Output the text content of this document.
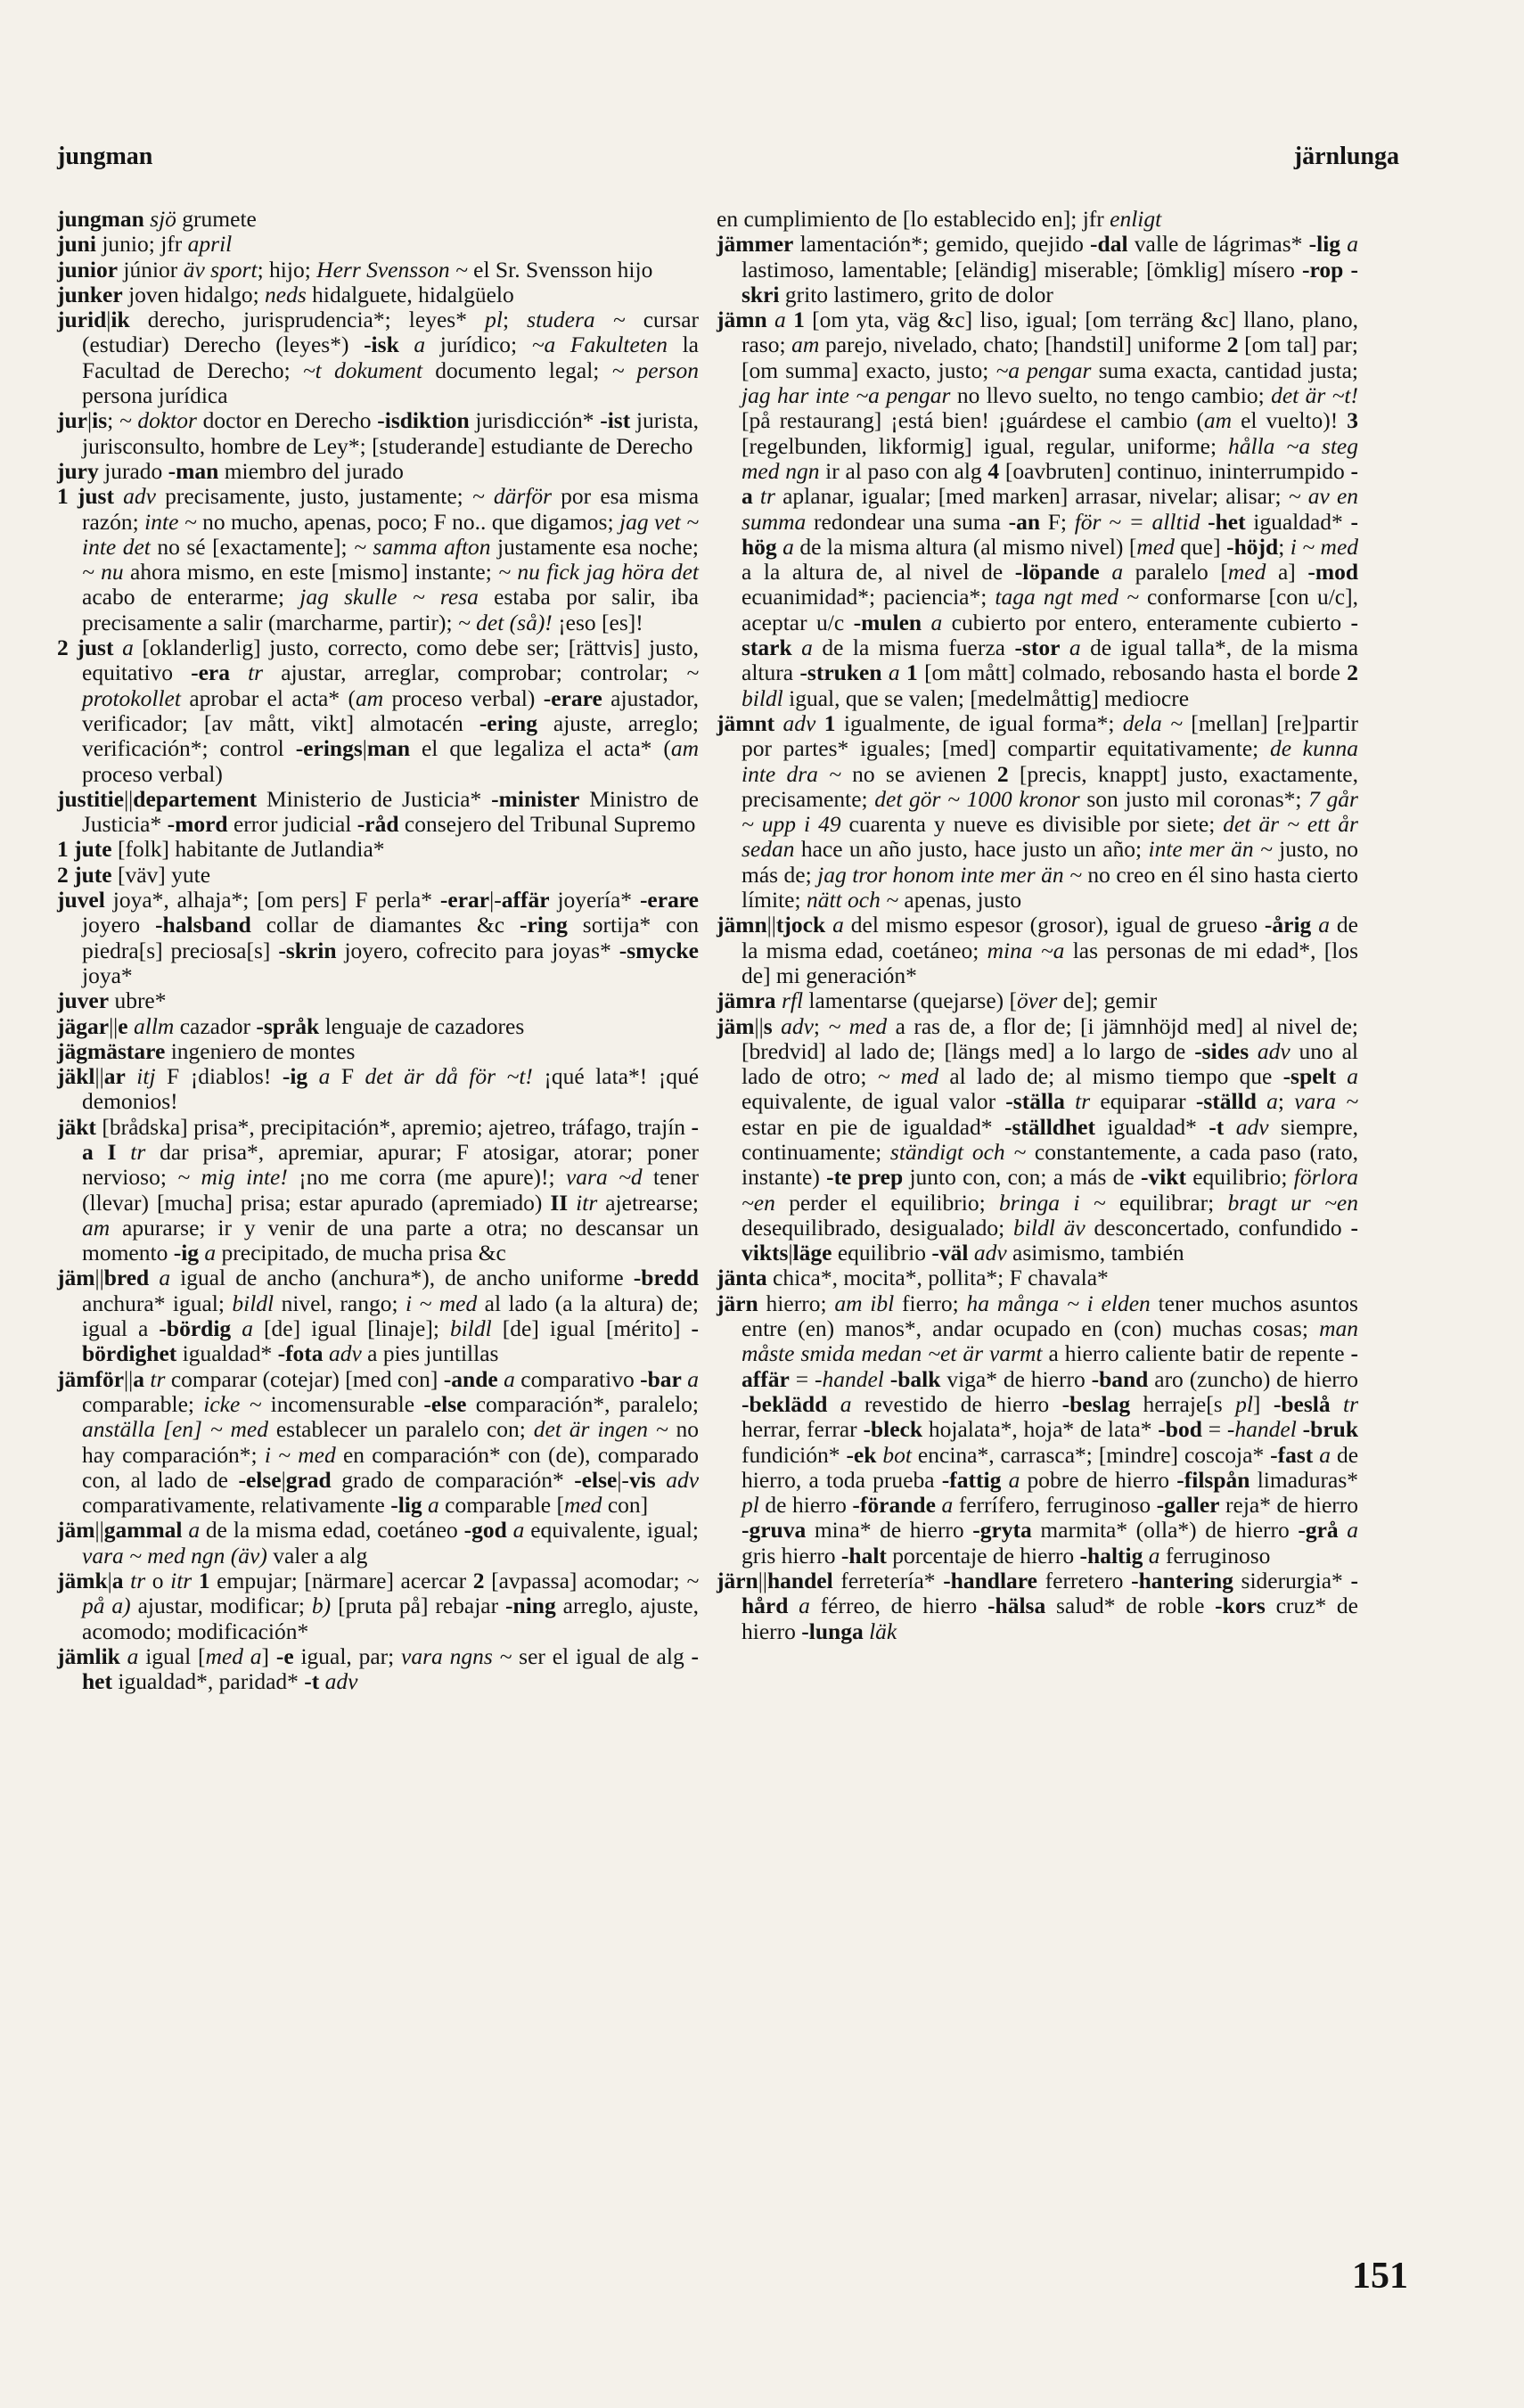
jungman	järnlunga

jungman sjö grumete

juni junio; jfr april

junior júnior äv sport; hijo; Herr Svensson ~ el Sr. Svensson hijo

junker joven hidalgo; neds hidalguete, hidalgüelo

jurid|ik derecho, jurisprudencia*; leyes* pl; studera ~ cursar (estudiar) Derecho (leyes*) -isk a jurídico; ~a Fakulteten la Facultad de Derecho; ~t dokument documento legal; ~ person persona jurídica

jur|is; ~ doktor doctor en Derecho -isdiktion jurisdicción* -ist jurista, jurisconsulto, hombre de Ley*; [studerande] estudiante de Derecho

jury jurado -man miembro del jurado

1 just adv precisamente, justo, justamente; ~ därför por esa misma razón; inte ~ no mucho, apenas, poco; F no.. que digamos; jag vet ~ inte det no sé [exactamente]; ~ samma afton justamente esa noche; ~ nu ahora mismo, en este [mismo] instante; ~ nu fick jag höra det acabo de enterarme; jag skulle ~ resa estaba por salir, iba precisamente a salir (marcharme, partir); ~ det (så)! ¡eso [es]!

2 just a [oklanderlig] justo, correcto, como debe ser; [rättvis] justo, equitativo -era tr ajustar, arreglar, comprobar; controlar; ~ protokollet aprobar el acta* (am proceso verbal) -erare ajustador, verificador; [av mått, vikt] almotacén -ering ajuste, arreglo; verificación*; control -erings|man el que legaliza el acta* (am proceso verbal)

justitie||departement Ministerio de Justicia* -minister Ministro de Justicia* -mord error judicial -råd consejero del Tribunal Supremo

1 jute [folk] habitante de Jutlandia*

2 jute [väv] yute

juvel joya*, alhaja*; [om pers] F perla* -erar|-affär joyería* -erare joyero -halsband collar de diamantes &c -ring sortija* con piedra[s] preciosa[s] -skrin joyero, cofrecito para joyas* -smycke joya*

juver ubre*

jägar||e allm cazador -språk lenguaje de cazadores

jägmästare ingeniero de montes

jäkl||ar itj F ¡diablos! -ig a F det är då för ~t! ¡qué lata*! ¡qué demonios!

jäkt [brådska] prisa*, precipitación*, apremio; ajetreo, tráfago, trajín -a I tr dar prisa*, apremiar, apurar; F atosigar, atorar; poner nervioso; ~ mig inte! ¡no me corra (me apure)!; vara ~d tener (llevar) [mucha] prisa; estar apurado (apremiado) II itr ajetrearse; am apurarse; ir y venir de una parte a otra; no descansar un momento -ig a precipitado, de mucha prisa &c

jäm||bred a igual de ancho (anchura*), de ancho uniforme -bredd anchura* igual; bildl nivel, rango; i ~ med al lado (a la altura) de; igual a -bördig a [de] igual [linaje]; bildl [de] igual [mérito] -bördighet igualdad* -fota adv a pies juntillas

jämför||a tr comparar (cotejar) [med con] -ande a comparativo -bar a comparable; icke ~ incomensurable -else comparación*, paralelo; anställa [en] ~ med establecer un paralelo con; det är ingen ~ no hay comparación*; i ~ med en comparación* con (de), comparado con, al lado de -else|grad grado de comparación* -else|-vis adv comparativamente, relativamente -lig a comparable [med con]

jäm||gammal a de la misma edad, coetáneo -god a equivalente, igual; vara ~ med ngn (äv) valer a alg

jämk|a tr o itr 1 empujar; [närmare] acercar 2 [avpassa] acomodar; ~ på a) ajustar, modificar; b) [pruta på] rebajar -ning arreglo, ajuste, acomodo; modificación*

jämlik a igual [med a] -e igual, par; vara ngns ~ ser el igual de alg -het igualdad*, paridad* -t adv

en cumplimiento de [lo establecido en]; jfr enligt

jämmer lamentación*; gemido, quejido -dal valle de lágrimas* -lig a lastimoso, lamentable; [eländig] miserable; [ömklig] mísero -rop -skri grito lastimero, grito de dolor

jämn a 1 [om yta, väg &c] liso, igual; [om terräng &c] llano, plano, raso; am parejo, nivelado, chato; [handstil] uniforme 2 [om tal] par; [om summa] exacto, justo; ~a pengar suma exacta, cantidad justa; jag har inte ~a pengar no llevo suelto, no tengo cambio; det är ~t! [på restaurang] ¡está bien! ¡guárdese el cambio (am el vuelto)! 3 [regelbunden, likformig] igual, regular, uniforme; hålla ~a steg med ngn ir al paso con alg 4 [oavbruten] continuo, ininterrumpido -a tr aplanar, igualar; [med marken] arrasar, nivelar; alisar; ~ av en summa redondear una suma -an F; för ~ = alltid -het igualdad* -hög a de la misma altura (al mismo nivel) [med que] -höjd; i ~ med a la altura de, al nivel de -löpande a paralelo [med a] -mod ecuanimidad*; paciencia*; taga ngt med ~ conformarse [con u/c], aceptar u/c -mulen a cubierto por entero, enteramente cubierto -stark a de la misma fuerza -stor a de igual talla*, de la misma altura -struken a 1 [om mått] colmado, rebosando hasta el borde 2 bildl igual, que se valen; [medelmåttig] mediocre

jämnt adv 1 igualmente, de igual forma*; dela ~ [mellan] [re]partir por partes* iguales; [med] compartir equitativamente; de kunna inte dra ~ no se avienen 2 [precis, knappt] justo, exactamente, precisamente; det gör ~ 1000 kronor son justo mil coronas*; 7 går ~ upp i 49 cuarenta y nueve es divisible por siete; det är ~ ett år sedan hace un año justo, hace justo un año; inte mer än ~ justo, no más de; jag tror honom inte mer än ~ no creo en él sino hasta cierto límite; nätt och ~ apenas, justo

jämn||tjock a del mismo espesor (grosor), igual de grueso -årig a de la misma edad, coetáneo; mina ~a las personas de mi edad*, [los de] mi generación*

jämra rfl lamentarse (quejarse) [över de]; gemir

jäm||s adv; ~ med a ras de, a flor de; [i jämnhöjd med] al nivel de; [bredvid] al lado de; [längs med] a lo largo de -sides adv uno al lado de otro; ~ med al lado de; al mismo tiempo que -spelt a equivalente, de igual valor -ställa tr equiparar -ställd a; vara ~ estar en pie de igualdad* -ställdhet igualdad* -t adv siempre, continuamente; ständigt och ~ constantemente, a cada paso (rato, instante) -te prep junto con, con; a más de -vikt equilibrio; förlora ~en perder el equilibrio; bringa i ~ equilibrar; bragt ur ~en desequilibrado, desigualado; bildl äv desconcertado, confundido -vikts|läge equilibrio -väl adv asimismo, también

jänta chica*, mocita*, pollita*; F chavala*

järn hierro; am ibl fierro; ha många ~ i elden tener muchos asuntos entre (en) manos*, andar ocupado en (con) muchas cosas; man måste smida medan ~et är varmt a hierro caliente batir de repente -affär = -handel -balk viga* de hierro -band aro (zuncho) de hierro -beklädd a revestido de hierro -beslag herraje[s pl] -beslå tr herrar, ferrar -bleck hojalata*, hoja* de lata* -bod = -handel -bruk fundición* -ek bot encina*, carrasca*; [mindre] coscoja* -fast a de hierro, a toda prueba -fattig a pobre de hierro -filspån limaduras* pl de hierro -förande a ferrífero, ferruginoso -galler reja* de hierro -gruva mina* de hierro -gryta marmita* (olla*) de hierro -grå a gris hierro -halt porcentaje de hierro -haltig a ferruginoso

järn||handel ferretería* -handlare ferretero -hantering siderurgia* -hård a férreo, de hierro -hälsa salud* de roble -kors cruz* de hierro -lunga läk

151
